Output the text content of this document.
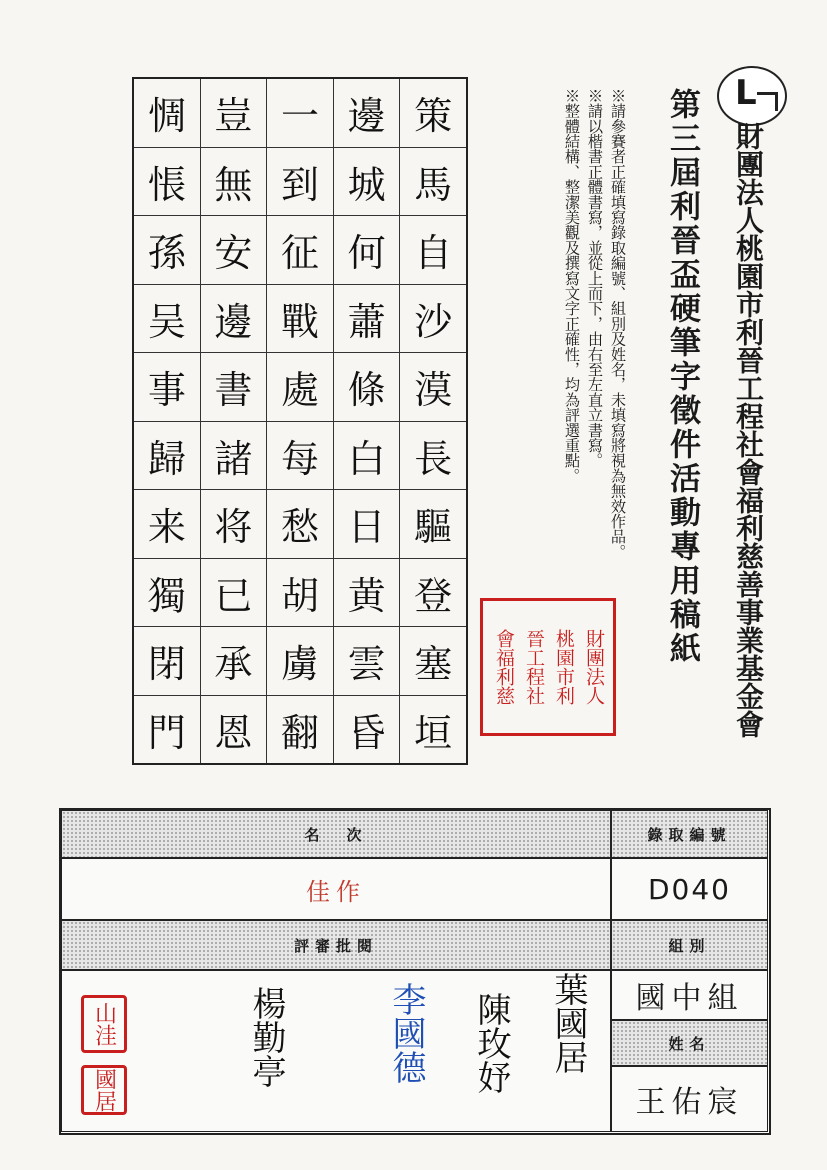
L
財團法人桃園市利晉工程社會福利慈善事業基金會
第三屆利晉盃硬筆字徵件活動專用稿紙

※請參賽者正確填寫錄取編號、組別及姓名，未填寫將視為無效作品。

※請以楷書正體書寫，並從上而下，由右至左直立書寫。

※整體結構、整潔美觀及撰寫文字正確性，均為評選重點。

會福利慈 晉工程社 桃園市利 財團法人
策
馬
自
沙
漠
長
驅
登
塞
垣
邊
城
何
蕭
條
白
日
黄
雲
昏
一
到
征
戰
處
每
愁
胡
虜
翻
豈
無
安
邊
書
諸
将
已
承
恩
惆
悵
孫
吴
事
歸
来
獨
閉
門
名　次	錄取編號
佳作	D040
評審批閱	組別
國中組
姓名
王佑宸
山洼
國居
楊勤亭	李國德 陳玫妤 葉國居
